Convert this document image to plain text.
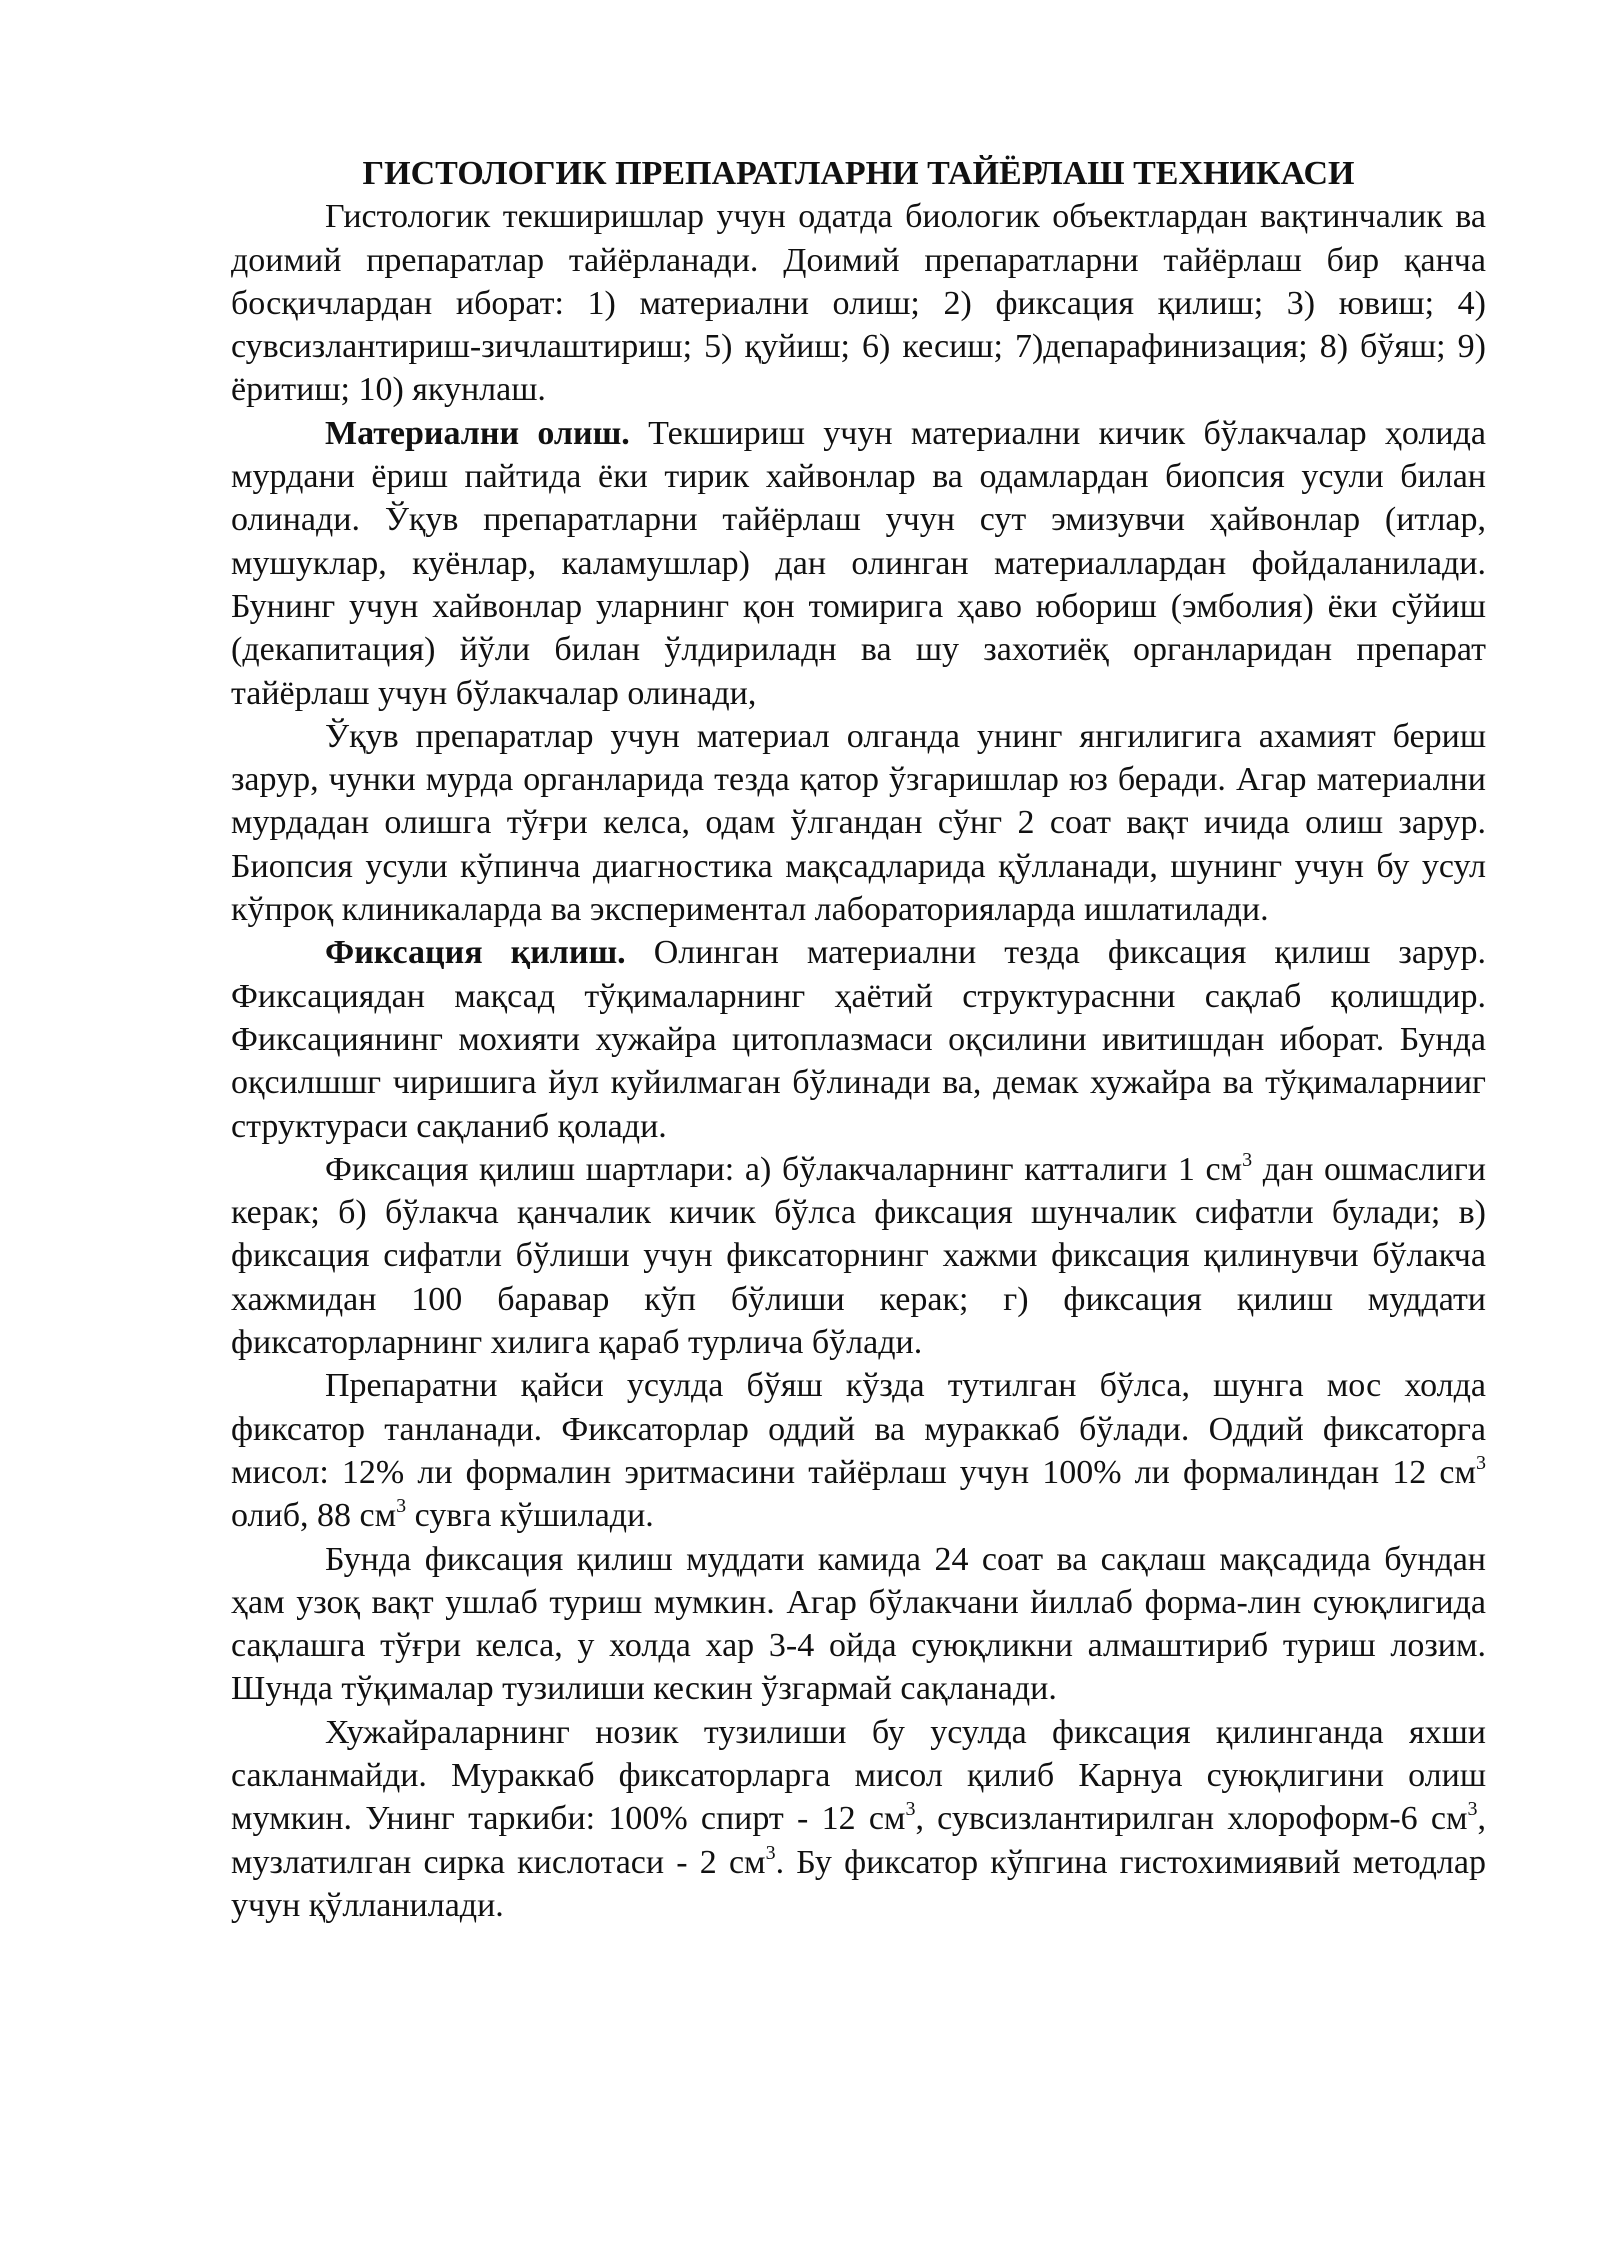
ГИСТОЛОГИК ПРЕПАРАТЛАРНИ ТАЙЁРЛАШ ТЕХНИКАСИ

Гистологик текширишлар учун одатда биологик объектлардан вақтинчалик ва доимий препаратлар тайёрланади. Доимий препаратларни тайёрлаш бир қанча босқичлардан иборат: 1) материални олиш; 2) фиксация қилиш; 3) ювиш; 4) сувсизлантириш-зичлаштириш; 5) қуйиш; 6) кесиш; 7)депарафинизация; 8) бўяш; 9) ёритиш; 10) якунлаш.

Материални олиш. Текшириш учун материални кичик бўлакчалар ҳолида мурдани ёриш пайтида ёки тирик хайвонлар ва одамлардан биопсия усули билан олинади. Ўқув препаратларни тайёрлаш учун сут эмизувчи ҳайвонлар (итлар, мушуклар, куёнлар, каламушлар) дан олинган материаллардан фойдаланилади. Бунинг учун хайвонлар уларнинг қон томирига ҳаво юбориш (эмболия) ёки сўйиш (декапитация) йўли билан ўлдириладн ва шу захотиёқ органларидан препарат тайёрлаш учун бўлакчалар олинади,

Ўқув препаратлар учун материал олганда унинг янгилигига ахамият бериш зарур, чунки мурда органларида тезда қатор ўзгаришлар юз беради. Агар материални мурдадан олишга тўғри келса, одам ўлгандан сўнг 2 соат вақт ичида олиш зарур. Биопсия усули кўпинча диагностика мақсадларида қўлланади, шунинг учун бу усул кўпроқ клиникаларда ва экспериментал лабораторияларда ишлатилади.

Фиксация қилиш. Олинган материални тезда фиксация қилиш зарур. Фиксациядан мақсад тўқималарнинг ҳаётий структураснни сақлаб қолишдир. Фиксациянинг мохияти хужайра цитоплазмаси оқсилини ивитишдан иборат. Бунда оқсилшшг чиришига йул куйилмаган бўлинади ва, демак хужайра ва тўқималарнииг структураси сақланиб қолади.

Фиксация қилиш шартлари: а) бўлакчаларнинг катталиги 1 $см^3$ дан ошмаслиги керак; б) бўлакча қанчалик кичик бўлса фиксация шунчалик сифатли булади; в) фиксация сифатли бўлиши учун фиксаторнинг хажми фиксация қилинувчи бўлакча хажмидан 100 баравар кўп бўлиши керак; г) фиксация қилиш муддати фиксаторларнинг хилига қараб турлича бўлади.

Препаратни қайси усулда бўяш кўзда тутилган бўлса, шунга мос холда фиксатор танланади. Фиксаторлар оддий ва мураккаб бўлади. Оддий фиксаторга мисол: 12% ли формалин эритмасини тайёрлаш учун 100% ли формалиндан 12 $см^3$ олиб, 88 $см^3$ сувга кўшилади.

Бунда фиксация қилиш муддати камида 24 соат ва сақлаш мақсадида бундан ҳам узоқ вақт ушлаб туриш мумкин. Агар бўлакчани йиллаб форма-лин суюқлигида сақлашга тўғри келса, у холда хар 3-4 ойда суюқликни алмаштириб туриш лозим. Шунда тўқималар тузилиши кескин ўзгармай сақланади.

Хужайраларнинг нозик тузилиши бу усулда фиксация қилинганда яхши сакланмайди. Мураккаб фиксаторларга мисол қилиб Карнуа суюқлигини олиш мумкин. Унинг таркиби: 100% спирт - 12 $см^3$, сувсизлантирилган хлороформ-6 $см^3$, музлатилган сирка кислотаси - 2 $см^3$. Бу фиксатор кўпгина гистохимиявий методлар учун қўлланилади.
